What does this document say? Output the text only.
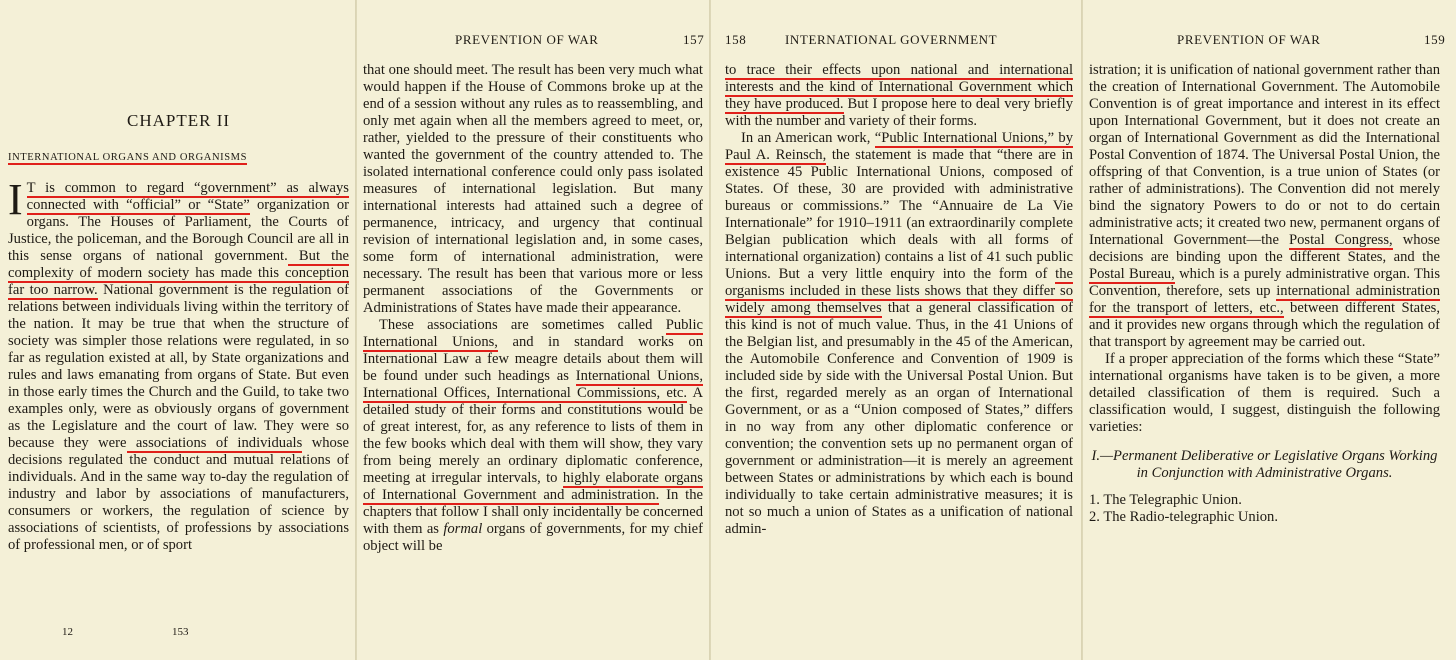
CHAPTER II

INTERNATIONAL ORGANS AND ORGANISMS

I T is common to regard “government” as always connected with “official” or “State” organization or organs. The Houses of Parliament, the Courts of Justice, the policeman, and the Borough Council are all in this sense organs of national government. But the complexity of modern society has made this conception far too narrow. National government is the regulation of relations between individuals living within the territory of the nation. It may be true that when the structure of society was simpler those relations were regulated, in so far as regulation existed at all, by State organizations and rules and laws emanating from organs of State. But even in those early times the Church and the Guild, to take two examples only, were as obviously organs of government as the Legislature and the court of law. They were so because they were associations of individuals whose decisions regulated the conduct and mutual relations of individuals. And in the same way to-day the regulation of industry and labor by associations of manufacturers, consumers or workers, the regulation of science by associations of scientists, of professions by associations of professional men, or of sport

12	153
PREVENTION OF WAR	157

that one should meet. The result has been very much what would happen if the House of Commons broke up at the end of a session without any rules as to reassembling, and only met again when all the members agreed to meet, or, rather, yielded to the pressure of their constituents who wanted the government of the country attended to. The isolated international conference could only pass isolated measures of international legislation. But many international interests had attained such a degree of permanence, intricacy, and urgency that continual revision of international legislation and, in some cases, some form of international administration, were necessary. The result has been that various more or less permanent associations of the Governments or Administrations of States have made their appearance.

These associations are sometimes called Public International Unions, and in standard works on International Law a few meagre details about them will be found under such headings as International Unions, International Offices, International Commissions, etc. A detailed study of their forms and constitutions would be of great interest, for, as any reference to lists of them in the few books which deal with them will show, they vary from being merely an ordinary diplomatic conference, meeting at irregular intervals, to highly elaborate organs of International Government and administration. In the chapters that follow I shall only incidentally be concerned with them as formal organs of governments, for my chief object will be

158	INTERNATIONAL GOVERNMENT

to trace their effects upon national and international interests and the kind of International Government which they have produced. But I propose here to deal very briefly with the number and variety of their forms.

In an American work, “Public International Unions,” by Paul A. Reinsch, the statement is made that “there are in existence 45 Public International Unions, composed of States. Of these, 30 are provided with administrative bureaus or commissions.” The “Annuaire de La Vie Internationale” for 1910–1911 (an extraordinarily complete Belgian publication which deals with all forms of international organization) contains a list of 41 such public Unions. But a very little enquiry into the form of the organisms included in these lists shows that they differ so widely among themselves that a general classification of this kind is not of much value. Thus, in the 41 Unions of the Belgian list, and presumably in the 45 of the American, the Automobile Conference and Convention of 1909 is included side by side with the Universal Postal Union. But the first, regarded merely as an organ of International Government, or as a “Union composed of States,” differs in no way from any other diplomatic conference or convention; the convention sets up no permanent organ of government or administration—it is merely an agreement between States or administrations by which each is bound individually to take certain administrative measures; it is not so much a union of States as a unification of national admin-

PREVENTION OF WAR	159

istration; it is unification of national government rather than the creation of International Government. The Automobile Convention is of great importance and interest in its effect upon International Government, but it does not create an organ of International Government as did the International Postal Convention of 1874. The Universal Postal Union, the offspring of that Convention, is a true union of States (or rather of administrations). The Convention did not merely bind the signatory Powers to do or not to do certain administrative acts; it created two new, permanent organs of International Government—the Postal Congress, whose decisions are binding upon the different States, and the Postal Bureau, which is a purely administrative organ. This Convention, therefore, sets up international administration for the transport of letters, etc., between different States, and it provides new organs through which the regulation of that transport by agreement may be carried out.

If a proper appreciation of the forms which these “State” international organisms have taken is to be given, a more detailed classification of them is required. Such a classification would, I suggest, distinguish the following varieties:

I.—Permanent Deliberative or Legislative Organs Working in Conjunction with Administrative Organs.

1. The Telegraphic Union.

2. The Radio-telegraphic Union.
